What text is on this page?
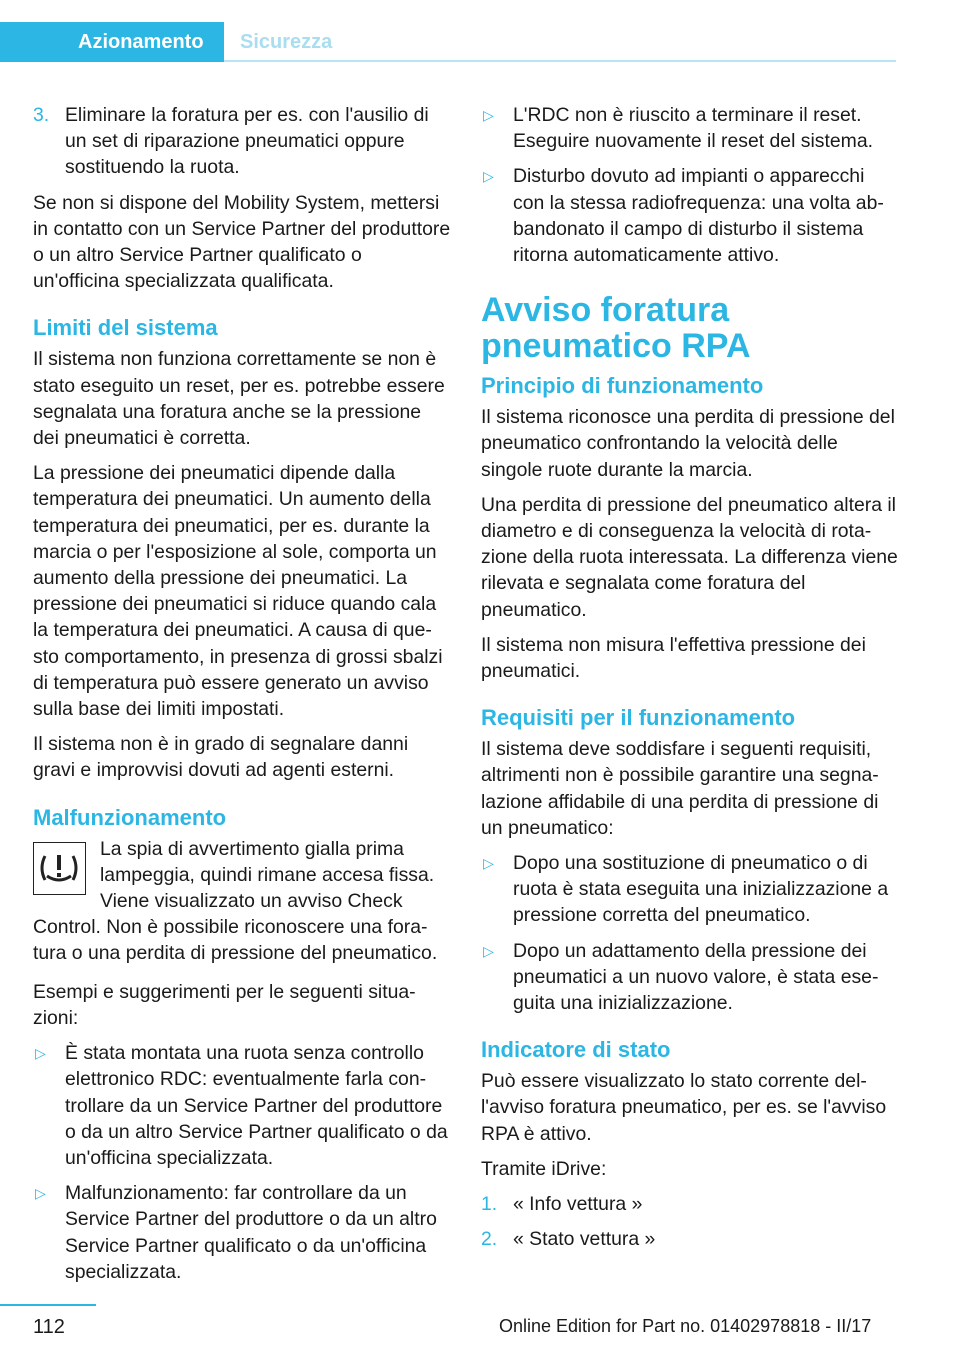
Azionamento	Sicurezza
3. Eliminare la foratura per es. con l'ausilio di un set di riparazione pneumatici oppure sostituendo la ruota.

Se non si dispone del Mobility System, mettersi in contatto con un Service Partner del produttore o un altro Service Partner qualificato o un'officina specializzata qualificata.

Limiti del sistema

Il sistema non funziona correttamente se non è stato eseguito un reset, per es. potrebbe essere segnalata una foratura anche se la pressione dei pneumatici è corretta.

La pressione dei pneumatici dipende dalla temperatura dei pneumatici. Un aumento della temperatura dei pneumatici, per es. durante la marcia o per l'esposizione al sole, comporta un aumento della pressione dei pneumatici. La pressione dei pneumatici si riduce quando cala la temperatura dei pneumatici. A causa di questo comportamento, in presenza di grossi sbalzi di temperatura può essere generato un avviso sulla base dei limiti impostati.

Il sistema non è in grado di segnalare danni gravi e improvvisi dovuti ad agenti esterni.

Malfunzionamento
La spia di avvertimento gialla prima lampeggia, quindi rimane accesa fissa. Viene visualizzato un avviso Check Control. Non è possibile riconoscere una foratura o una perdita di pressione del pneumatico.

Esempi e suggerimenti per le seguenti situazioni:

▷ È stata montata una ruota senza controllo elettronico RDC: eventualmente farla controllare da un Service Partner del produttore o da un altro Service Partner qualificato o da un'officina specializzata.
▷ Malfunzionamento: far controllare da un Service Partner del produttore o da un altro Service Partner qualificato o da un'officina specializzata.
▷ L'RDC non è riuscito a terminare il reset. Eseguire nuovamente il reset del sistema.
▷ Disturbo dovuto ad impianti o apparecchi con la stessa radiofrequenza: una volta abbandonato il campo di disturbo il sistema ritorna automaticamente attivo.
Avviso foratura pneumatico RPA
Principio di funzionamento

Il sistema riconosce una perdita di pressione del pneumatico confrontando la velocità delle singole ruote durante la marcia.

Una perdita di pressione del pneumatico altera il diametro e di conseguenza la velocità di rotazione della ruota interessata. La differenza viene rilevata e segnalata come foratura del pneumatico.

Il sistema non misura l'effettiva pressione dei pneumatici.

Requisiti per il funzionamento

Il sistema deve soddisfare i seguenti requisiti, altrimenti non è possibile garantire una segnalazione affidabile di una perdita di pressione di un pneumatico:

▷ Dopo una sostituzione di pneumatico o di ruota è stata eseguita una inizializzazione a pressione corretta del pneumatico.
▷ Dopo un adattamento della pressione dei pneumatici a un nuovo valore, è stata eseguita una inizializzazione.
Indicatore di stato

Può essere visualizzato lo stato corrente dell'avviso foratura pneumatico, per es. se l'avviso RPA è attivo.

Tramite iDrive:

1. « Info vettura »
2. « Stato vettura »
112	Online Edition for Part no. 01402978818 - II/17
